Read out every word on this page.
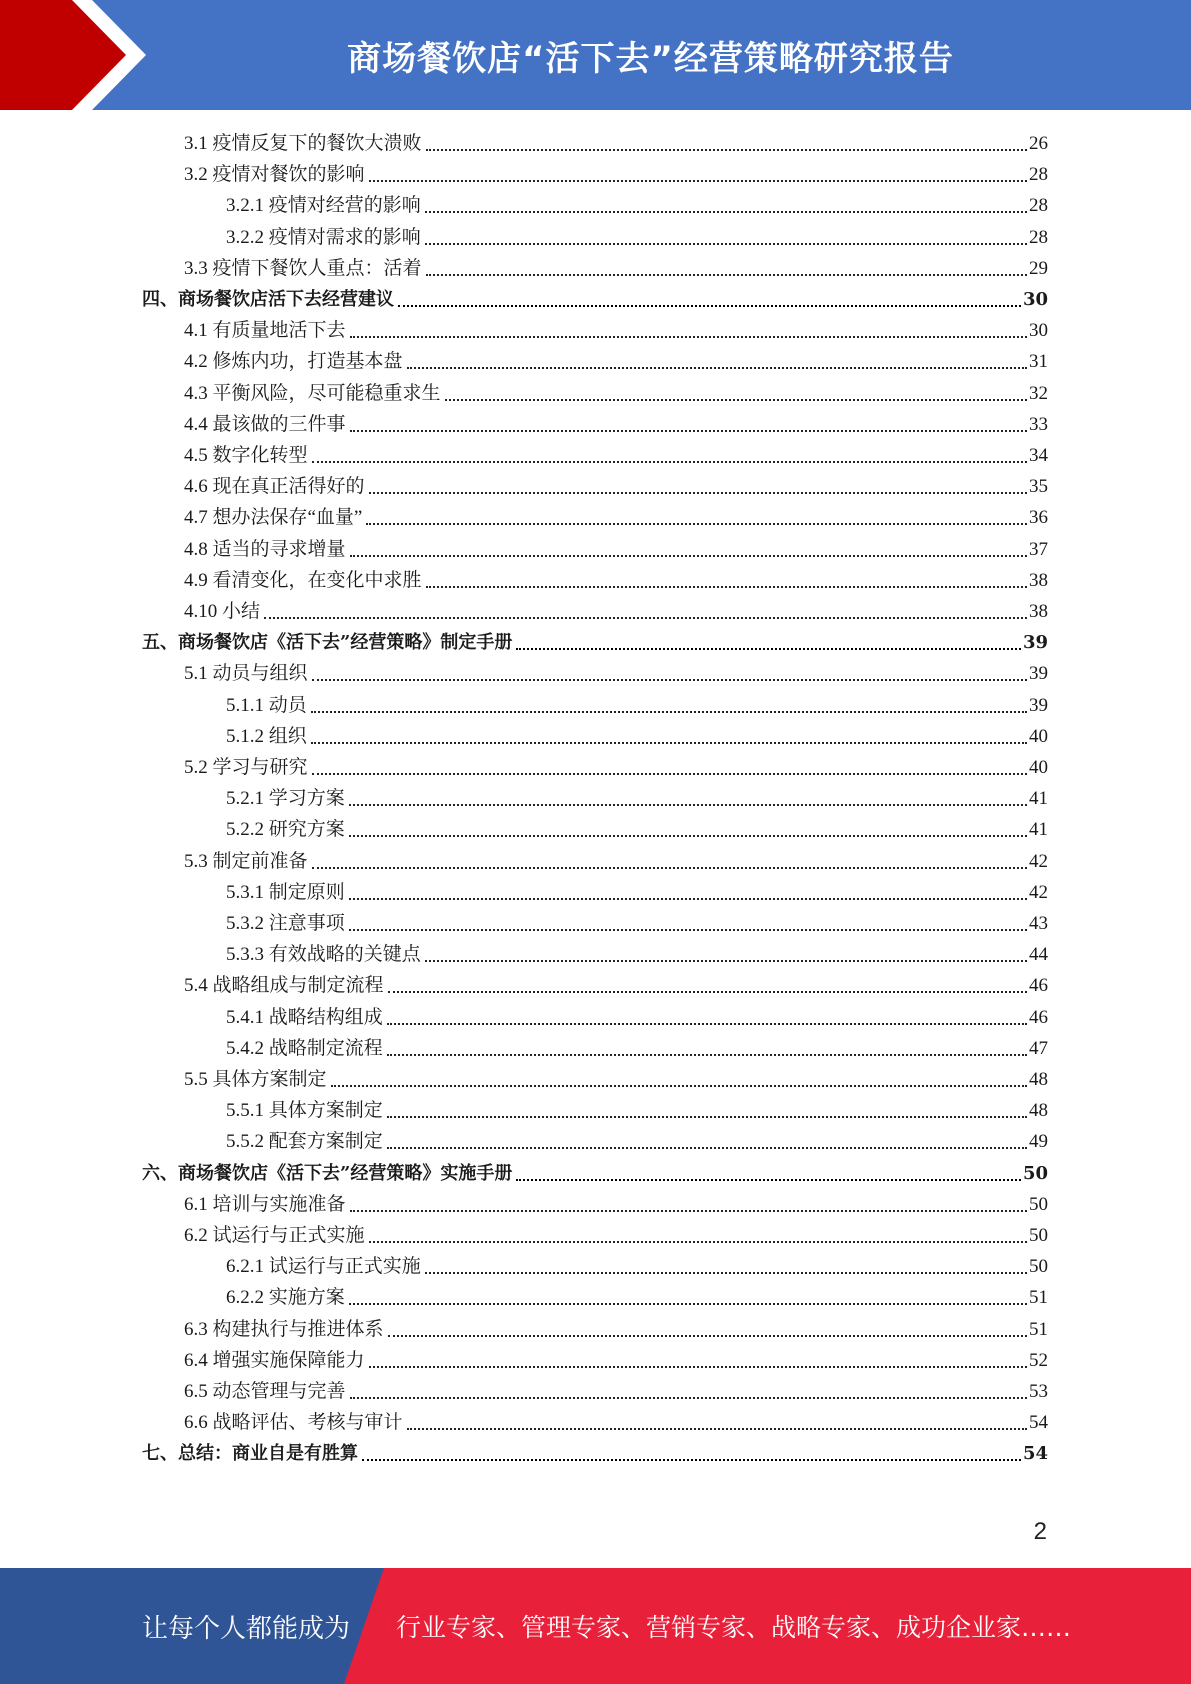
商场餐饮店“活下去”经营策略研究报告
3.1 疫情反复下的餐饮大溃败	26
3.2 疫情对餐饮的影响	28
3.2.1 疫情对经营的影响	28
3.2.2 疫情对需求的影响	28
3.3 疫情下餐饮人重点：活着	29
四、商场餐饮店活下去经营建议	30
4.1 有质量地活下去	30
4.2 修炼内功，打造基本盘	31
4.3 平衡风险，尽可能稳重求生	32
4.4 最该做的三件事	33
4.5 数字化转型	34
4.6 现在真正活得好的	35
4.7 想办法保存“血量”	36
4.8 适当的寻求增量	37
4.9 看清变化，在变化中求胜	38
4.10 小结	38
五、商场餐饮店《活下去”经营策略》制定手册	39
5.1 动员与组织	39
5.1.1 动员	39
5.1.2 组织	40
5.2 学习与研究	40
5.2.1 学习方案	41
5.2.2 研究方案	41
5.3 制定前准备	42
5.3.1 制定原则	42
5.3.2 注意事项	43
5.3.3 有效战略的关键点	44
5.4 战略组成与制定流程	46
5.4.1 战略结构组成	46
5.4.2 战略制定流程	47
5.5 具体方案制定	48
5.5.1 具体方案制定	48
5.5.2 配套方案制定	49
六、商场餐饮店《活下去”经营策略》实施手册	50
6.1 培训与实施准备	50
6.2 试运行与正式实施	50
6.2.1 试运行与正式实施	50
6.2.2 实施方案	51
6.3 构建执行与推进体系	51
6.4 增强实施保障能力	52
6.5 动态管理与完善	53
6.6 战略评估、考核与审计	54
七、总结：商业自是有胜算	54
2
让每个人都能成为 行业专家、管理专家、营销专家、战略专家、成功企业家……
